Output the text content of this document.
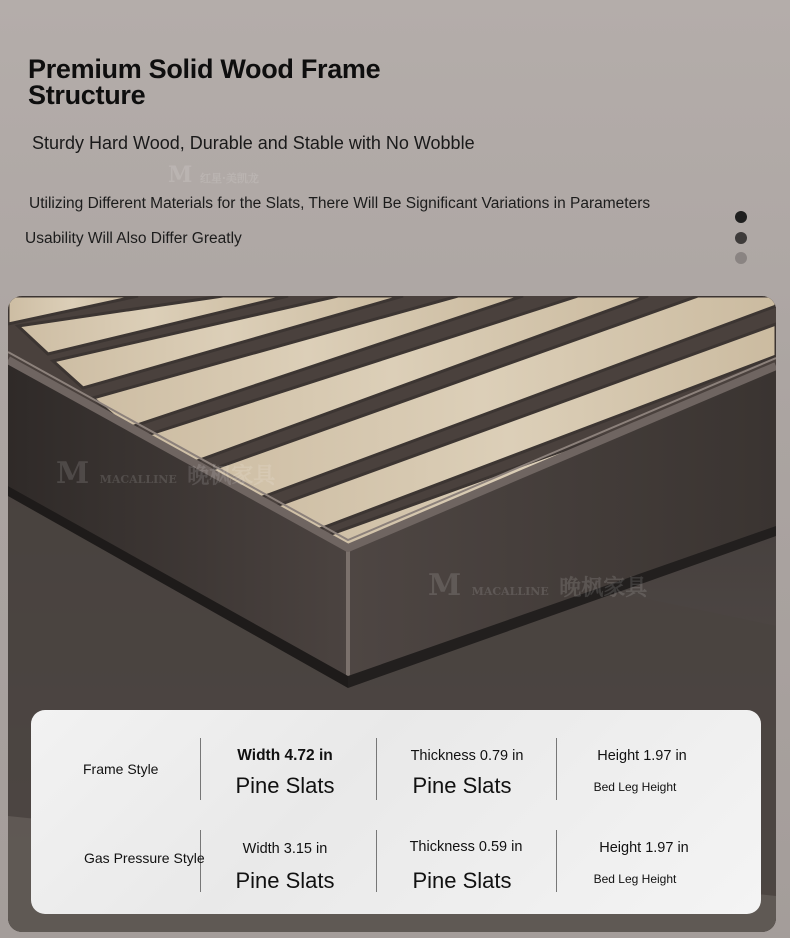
Premium Solid Wood Frame Structure
Sturdy Hard Wood, Durable and Stable with No Wobble
Utilizing Different Materials for the Slats, There Will Be Significant Variations in Parameters
Usability Will Also Differ Greatly
M 红星·美凯龙
M MACALLINE 晚枫家具
M MACALLINE 晚枫家具
Frame Style
Width 4.72 in
Pine Slats
Thickness 0.79 in
Pine Slats
Height 1.97 in
Bed Leg Height
Gas Pressure Style
Width 3.15 in
Pine Slats
Thickness 0.59 in
Pine Slats
Height 1.97 in
Bed Leg Height
